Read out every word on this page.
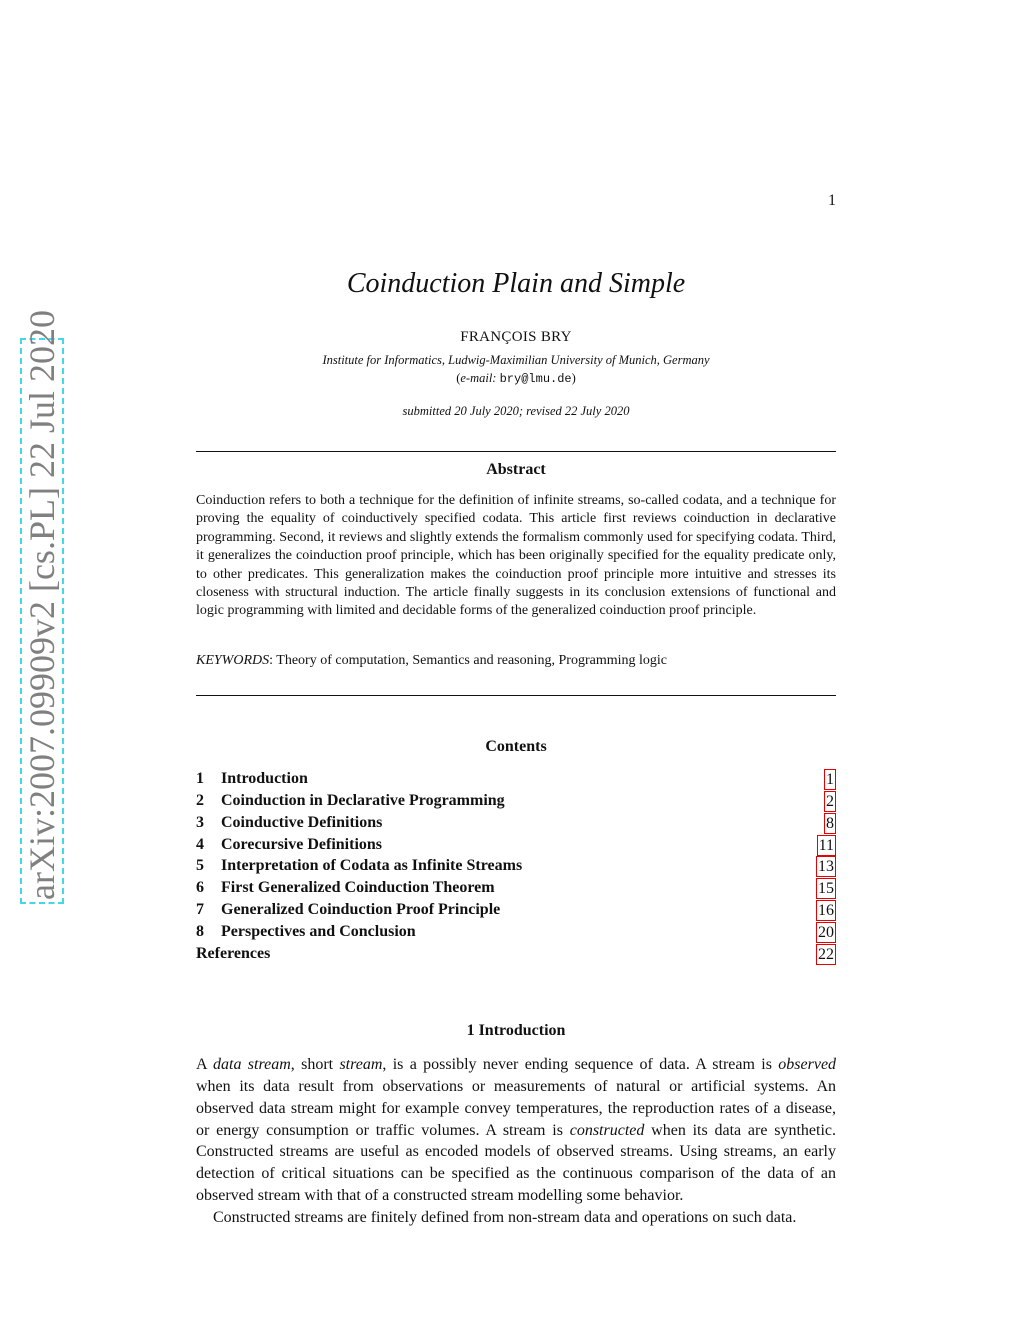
arXiv:2007.09909v2 [cs.PL] 22 Jul 2020
1
Coinduction Plain and Simple
FRANÇOIS BRY
Institute for Informatics, Ludwig-Maximilian University of Munich, Germany
(e-mail: bry@lmu.de)
submitted 20 July 2020; revised 22 July 2020
Abstract
Coinduction refers to both a technique for the definition of infinite streams, so-called codata, and a technique for proving the equality of coinductively specified codata. This article first reviews coinduction in declarative programming. Second, it reviews and slightly extends the formalism commonly used for specifying codata. Third, it generalizes the coinduction proof principle, which has been originally specified for the equality predicate only, to other predicates. This generalization makes the coinduction proof principle more intuitive and stresses its closeness with structural induction. The article finally suggests in its conclusion extensions of functional and logic programming with limited and decidable forms of the generalized coinduction proof principle.
KEYWORDS: Theory of computation, Semantics and reasoning, Programming logic
Contents
1 Introduction	1
2 Coinduction in Declarative Programming	2
3 Coinductive Definitions	8
4 Corecursive Definitions	11
5 Interpretation of Codata as Infinite Streams	13
6 First Generalized Coinduction Theorem	15
7 Generalized Coinduction Proof Principle	16
8 Perspectives and Conclusion	20
References	22
1 Introduction
A data stream, short stream, is a possibly never ending sequence of data. A stream is observed when its data result from observations or measurements of natural or artificial systems. An observed data stream might for example convey temperatures, the reproduction rates of a disease, or energy consumption or traffic volumes. A stream is constructed when its data are synthetic. Constructed streams are useful as encoded models of observed streams. Using streams, an early detection of critical situations can be specified as the continuous comparison of the data of an observed stream with that of a constructed stream modelling some behavior.
Constructed streams are finitely defined from non-stream data and operations on such data.
